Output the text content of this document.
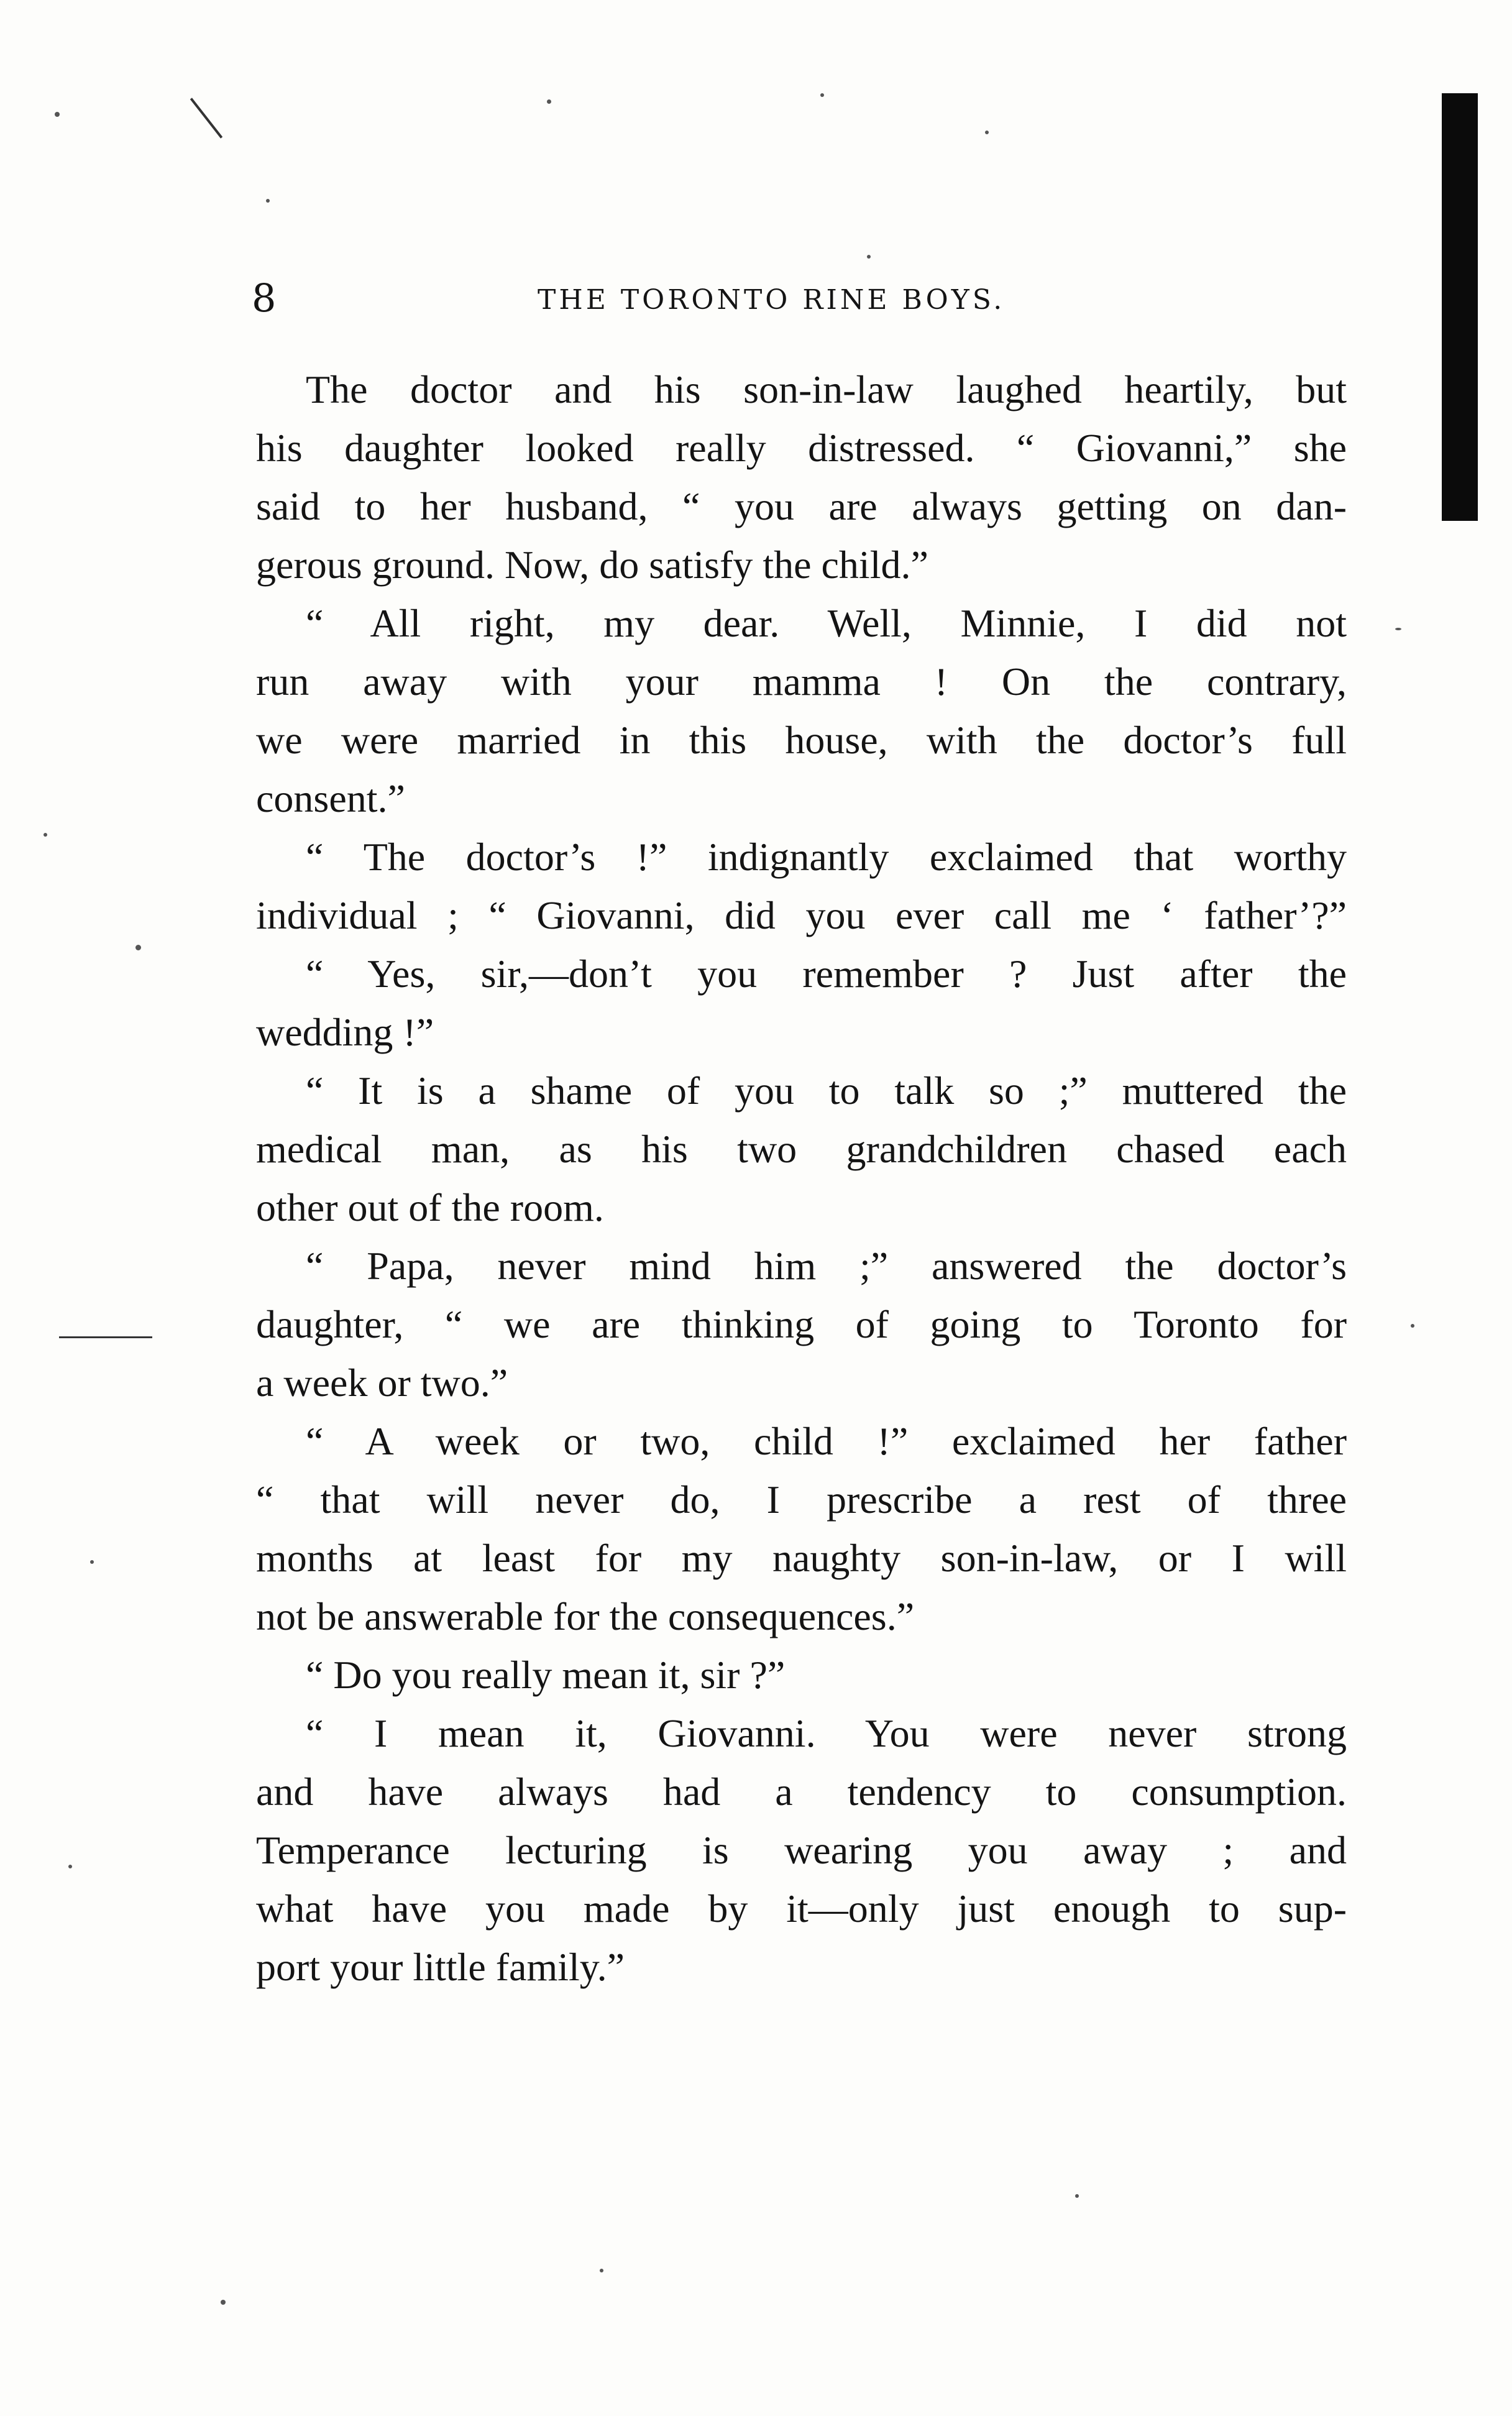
8	THE TORONTO RINE BOYS.
The doctor and his son-in-law laughed heartily, but
his daughter looked really distressed. “ Giovanni,” she
said to her husband, “ you are always getting on dan-
gerous ground. Now, do satisfy the child.”
“ All right, my dear. Well, Minnie, I did not
run away with your mamma ! On the contrary,
we were married in this house, with the doctor’s full
consent.”
“ The doctor’s !” indignantly exclaimed that worthy
individual ; “ Giovanni, did you ever call me ‘ father’?”
“ Yes, sir,—don’t you remember ? Just after the
wedding !”
“ It is a shame of you to talk so ;” muttered the
medical man, as his two grandchildren chased each
other out of the room.
“ Papa, never mind him ;” answered the doctor’s
daughter, “ we are thinking of going to Toronto for
a week or two.”
“ A week or two, child !” exclaimed her father
“ that will never do, I prescribe a rest of three
months at least for my naughty son-in-law, or I will
not be answerable for the consequences.”
“ Do you really mean it, sir ?”
“ I mean it, Giovanni. You were never strong
and have always had a tendency to consumption.
Temperance lecturing is wearing you away ; and
what have you made by it—only just enough to sup-
port your little family.”
